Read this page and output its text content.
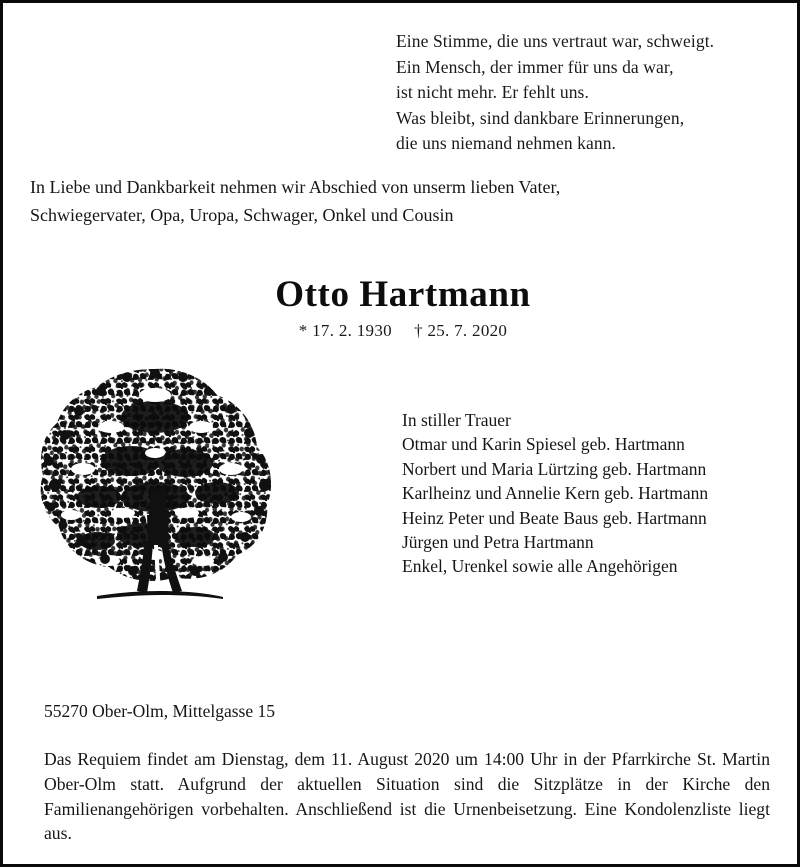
Eine Stimme, die uns vertraut war, schweigt.
Ein Mensch, der immer für uns da war,
ist nicht mehr. Er fehlt uns.
Was bleibt, sind dankbare Erinnerungen,
die uns niemand nehmen kann.
In Liebe und Dankbarkeit nehmen wir Abschied von unserm lieben Vater,
Schwiegervater, Opa, Uropa, Schwager, Onkel und Cousin
Otto Hartmann
* 17. 2. 1930 † 25. 7. 2020
In stiller Trauer
Otmar und Karin Spiesel geb. Hartmann
Norbert und Maria Lürtzing geb. Hartmann
Karlheinz und Annelie Kern geb. Hartmann
Heinz Peter und Beate Baus geb. Hartmann
Jürgen und Petra Hartmann
Enkel, Urenkel sowie alle Angehörigen
55270 Ober-Olm, Mittelgasse 15
Das Requiem findet am Dienstag, dem 11. August 2020 um 14:00 Uhr in der Pfarrkirche St. Martin Ober-Olm statt. Aufgrund der aktuellen Situation sind die Sitzplätze in der Kirche den Familienangehörigen vorbehalten. Anschließend ist die Urnenbeisetzung. Eine Kondolenzliste liegt aus.
